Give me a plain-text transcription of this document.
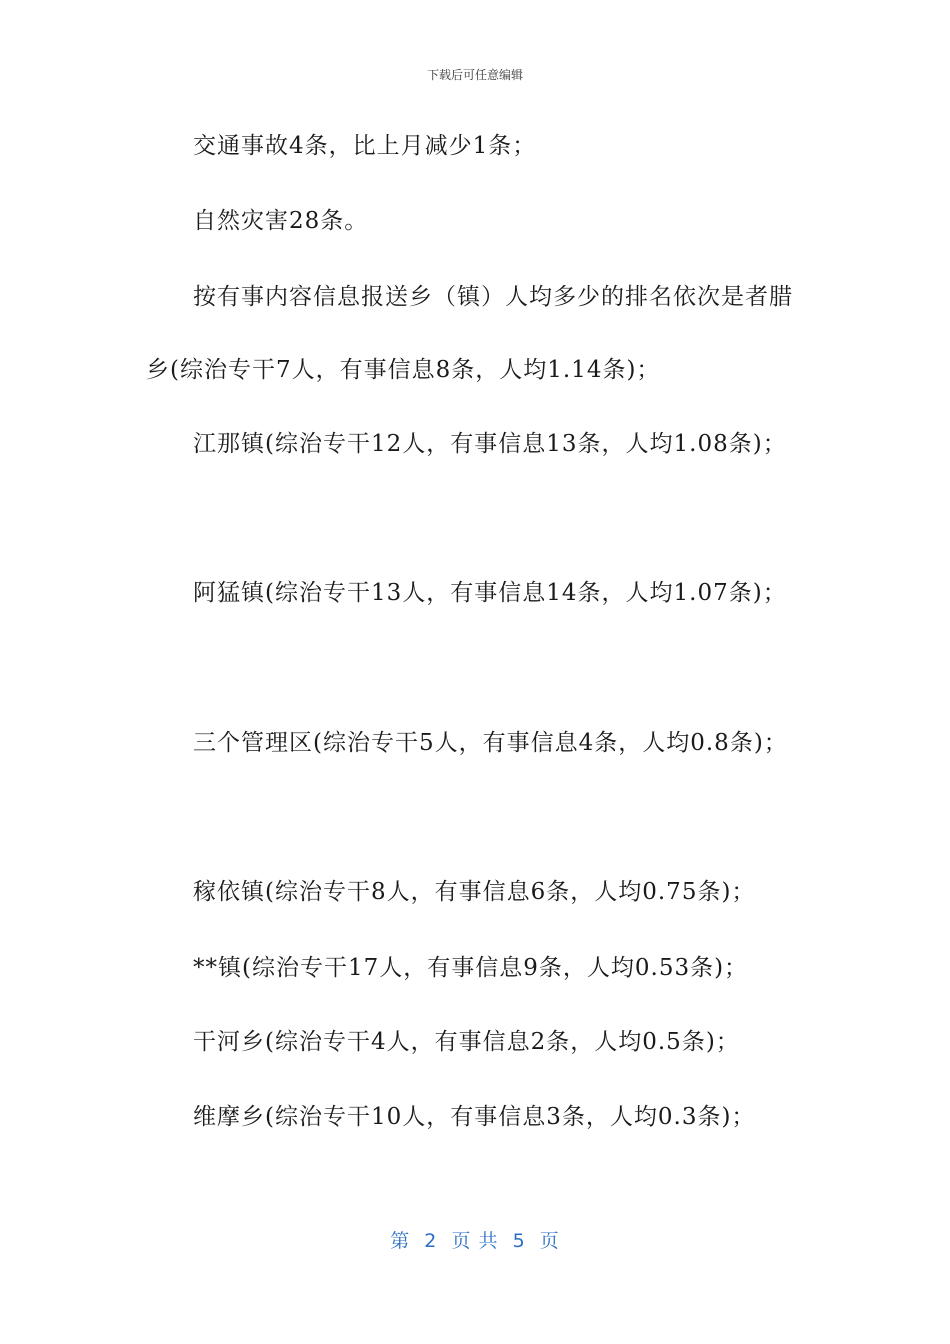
下载后可任意编辑
交通事故4条，比上月减少1条；
自然灾害28条。
按有事内容信息报送乡（镇）人均多少的排名依次是者腊
乡(综治专干7人，有事信息8条，人均1.14条)；
江那镇(综治专干12人，有事信息13条，人均1.08条)；
阿猛镇(综治专干13人，有事信息14条，人均1.07条)；
三个管理区(综治专干5人，有事信息4条，人均0.8条)；
稼依镇(综治专干8人，有事信息6条，人均0.75条)；
**镇(综治专干17人，有事信息9条，人均0.53条)；
干河乡(综治专干4人，有事信息2条，人均0.5条)；
维摩乡(综治专干10人，有事信息3条，人均0.3条)；
第  2  页 共  5  页
